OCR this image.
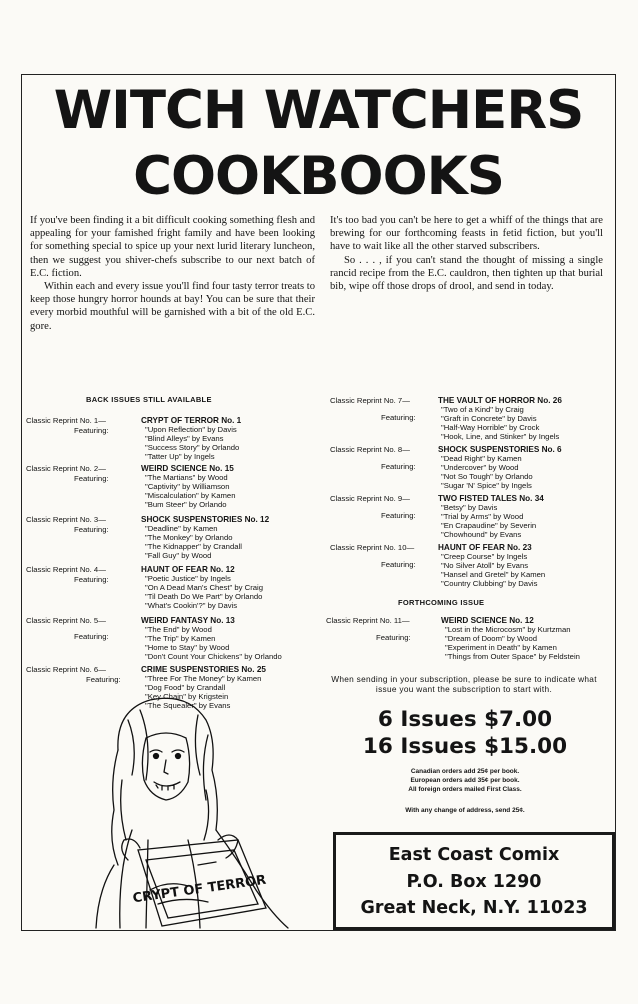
WITCH WATCHERS
COOKBOOKS

If you've been finding it a bit difficult cooking something flesh and appealing for your famished fright family and have been looking for something special to spice up your next lurid literary luncheon, then we suggest you shiver-chefs subscribe to our next batch of E.C. fiction.

Within each and every issue you'll find four tasty terror treats to keep those hungry horror hounds at bay! You can be sure that their every morbid mouthful will be garnished with a bit of the old E.C. gore.

It's too bad you can't be here to get a whiff of the things that are brewing for our forthcoming feasts in fetid fiction, but you'll have to wait like all the other starved subscribers.

So . . . , if you can't stand the thought of missing a single rancid recipe from the E.C. cauldron, then tighten up that burial bib, wipe off those drops of drool, and send in today.

BACK ISSUES STILL AVAILABLE
Classic Reprint No. 1—
Featuring:
CRYPT OF TERROR No. 1
"Upon Reflection" by Davis
"Blind Alleys" by Evans
"Success Story" by Orlando
"Tatter Up" by Ingels
Classic Reprint No. 2—
Featuring:
WEIRD SCIENCE No. 15
"The Martians" by Wood
"Captivity" by Williamson
"Miscalculation" by Kamen
"Bum Steer" by Orlando
Classic Reprint No. 3—
Featuring:
SHOCK SUSPENSTORIES No. 12
"Deadline" by Kamen
"The Monkey" by Orlando
"The Kidnapper" by Crandall
"Fall Guy" by Wood
Classic Reprint No. 4—
Featuring:
HAUNT OF FEAR No. 12
"Poetic Justice" by Ingels
"On A Dead Man's Chest" by Craig
"Til Death Do We Part" by Orlando
"What's Cookin'?" by Davis
Classic Reprint No. 5—
Featuring:
WEIRD FANTASY No. 13
"The End" by Wood
"The Trip" by Kamen
"Home to Stay" by Wood
"Don't Count Your Chickens" by Orlando
Classic Reprint No. 6—
Featuring:
CRIME SUSPENSTORIES No. 25
"Three For The Money" by Kamen
"Dog Food" by Crandall
"Key Chain" by Krigstein
"The Squealer" by Evans
Classic Reprint No. 7—
Featuring:
THE VAULT OF HORROR No. 26
"Two of a Kind" by Craig
"Graft in Concrete" by Davis
"Half-Way Horrible" by Crock
"Hook, Line, and Stinker" by Ingels
Classic Reprint No. 8—
Featuring:
SHOCK SUSPENSTORIES No. 6
"Dead Right" by Kamen
"Undercover" by Wood
"Not So Tough" by Orlando
"Sugar 'N' Spice" by Ingels
Classic Reprint No. 9—
Featuring:
TWO FISTED TALES No. 34
"Betsy" by Davis
"Trial by Arms" by Wood
"En Crapaudine" by Severin
"Chowhound" by Evans
Classic Reprint No. 10—
Featuring:
HAUNT OF FEAR No. 23
"Creep Course" by Ingels
"No Silver Atoll" by Evans
"Hansel and Gretel" by Kamen
"Country Clubbing" by Davis
FORTHCOMING ISSUE
Classic Reprint No. 11—
Featuring:
WEIRD SCIENCE No. 12
"Lost in the Microcosm" by Kurtzman
"Dream of Doom" by Wood
"Experiment in Death" by Kamen
"Things from Outer Space" by Feldstein
When sending in your subscription, please be sure to indicate what issue you want the subscription to start with.
6 Issues $7.00
16 Issues $15.00
Canadian orders add 25¢ per book.
European orders add 35¢ per book.
All foreign orders mailed First Class.
With any change of address, send 25¢.
East Coast Comix
P.O. Box 1290
Great Neck, N.Y. 11023
CRYPT OF TERROR
